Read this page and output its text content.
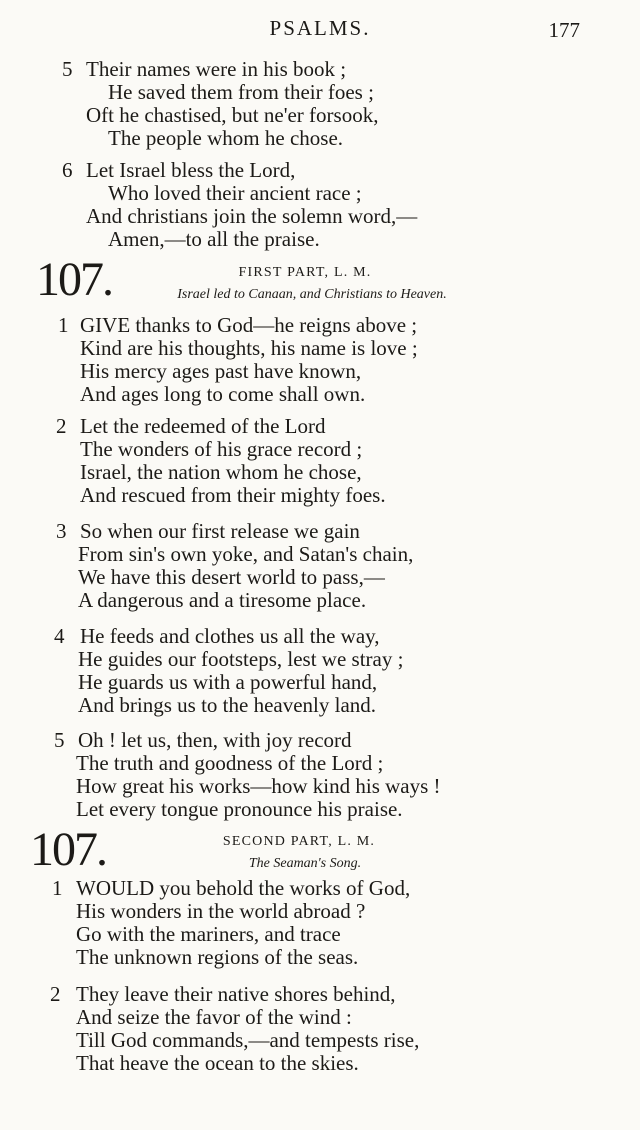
PSALMS.	177
5 Their names were in his book ;
He saved them from their foes ;
Oft he chastised, but ne'er forsook,
The people whom he chose.
6 Let Israel bless the Lord,
Who loved their ancient race ;
And christians join the solemn word,—
Amen,—to all the praise.
107.	FIRST PART, L. M.
Israel led to Canaan, and Christians to Heaven.
1 GIVE thanks to God—he reigns above ;
Kind are his thoughts, his name is love ;
His mercy ages past have known,
And ages long to come shall own.
2 Let the redeemed of the Lord
The wonders of his grace record ;
Israel, the nation whom he chose,
And rescued from their mighty foes.
3 So when our first release we gain
From sin's own yoke, and Satan's chain,
We have this desert world to pass,—
A dangerous and a tiresome place.
4 He feeds and clothes us all the way,
He guides our footsteps, lest we stray ;
He guards us with a powerful hand,
And brings us to the heavenly land.
5 Oh ! let us, then, with joy record
The truth and goodness of the Lord ;
How great his works—how kind his ways !
Let every tongue pronounce his praise.
107.	SECOND PART, L. M.
The Seaman's Song.
1 WOULD you behold the works of God,
His wonders in the world abroad ?
Go with the mariners, and trace
The unknown regions of the seas.
2 They leave their native shores behind,
And seize the favor of the wind :
Till God commands,—and tempests rise,
That heave the ocean to the skies.
